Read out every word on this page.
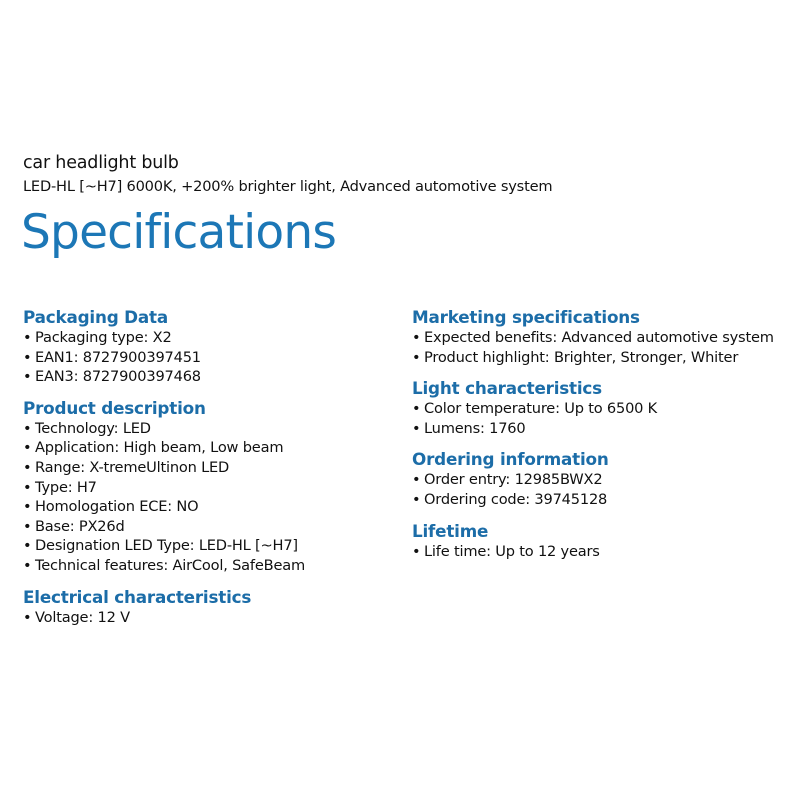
car headlight bulb
LED-HL [~H7] 6000K, +200% brighter light, Advanced automotive system
Specifications
Packaging Data
• Packaging type: X2
• EAN1: 8727900397451
• EAN3: 8727900397468
Product description
• Technology: LED
• Application: High beam, Low beam
• Range: X-tremeUltinon LED
• Type: H7
• Homologation ECE: NO
• Base: PX26d
• Designation LED Type: LED-HL [~H7]
• Technical features: AirCool, SafeBeam
Electrical characteristics
• Voltage: 12 V
Marketing specifications
• Expected benefits: Advanced automotive system
• Product highlight: Brighter, Stronger, Whiter
Light characteristics
• Color temperature: Up to 6500 K
• Lumens: 1760
Ordering information
• Order entry: 12985BWX2
• Ordering code: 39745128
Lifetime
• Life time: Up to 12 years
